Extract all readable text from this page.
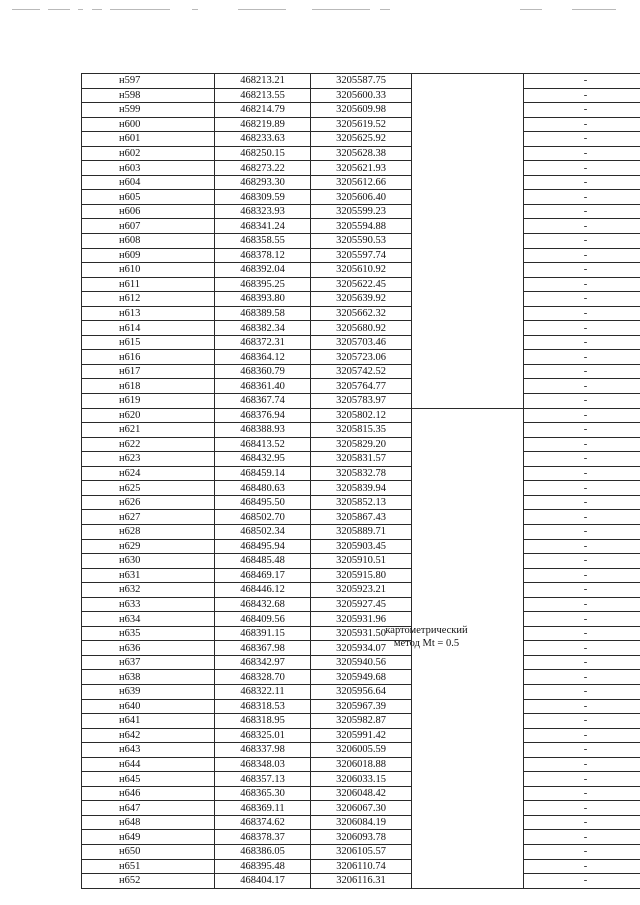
н597	468213.21	3205587.75		-
н598	468213.55	3205600.33		-
н599	468214.79	3205609.98		-
н600	468219.89	3205619.52		-
н601	468233.63	3205625.92		-
н602	468250.15	3205628.38		-
н603	468273.22	3205621.93		-
н604	468293.30	3205612.66		-
н605	468309.59	3205606.40		-
н606	468323.93	3205599.23		-
н607	468341.24	3205594.88		-
н608	468358.55	3205590.53		-
н609	468378.12	3205597.74		-
н610	468392.04	3205610.92		-
н611	468395.25	3205622.45		-
н612	468393.80	3205639.92		-
н613	468389.58	3205662.32		-
н614	468382.34	3205680.92		-
н615	468372.31	3205703.46		-
н616	468364.12	3205723.06		-
н617	468360.79	3205742.52		-
н618	468361.40	3205764.77		-
н619	468367.74	3205783.97		-
н620	468376.94	3205802.12		-
н621	468388.93	3205815.35		-
н622	468413.52	3205829.20		-
н623	468432.95	3205831.57		-
н624	468459.14	3205832.78		-
н625	468480.63	3205839.94		-
н626	468495.50	3205852.13		-
н627	468502.70	3205867.43		-
н628	468502.34	3205889.71		-
н629	468495.94	3205903.45		-
н630	468485.48	3205910.51		-
н631	468469.17	3205915.80		-
н632	468446.12	3205923.21		-
н633	468432.68	3205927.45		-
н634	468409.56	3205931.96		-
н635	468391.15	3205931.50		-
н636	468367.98	3205934.07		-
н637	468342.97	3205940.56		-
н638	468328.70	3205949.68		-
н639	468322.11	3205956.64		-
н640	468318.53	3205967.39		-
н641	468318.95	3205982.87		-
н642	468325.01	3205991.42		-
н643	468337.98	3206005.59		-
н644	468348.03	3206018.88		-
н645	468357.13	3206033.15		-
н646	468365.30	3206048.42		-
н647	468369.11	3206067.30		-
н648	468374.62	3206084.19		-
н649	468378.37	3206093.78		-
н650	468386.05	3206105.57		-
н651	468395.48	3206110.74		-
н652	468404.17	3206116.31		-
картометрический
метод Mt = 0.5
